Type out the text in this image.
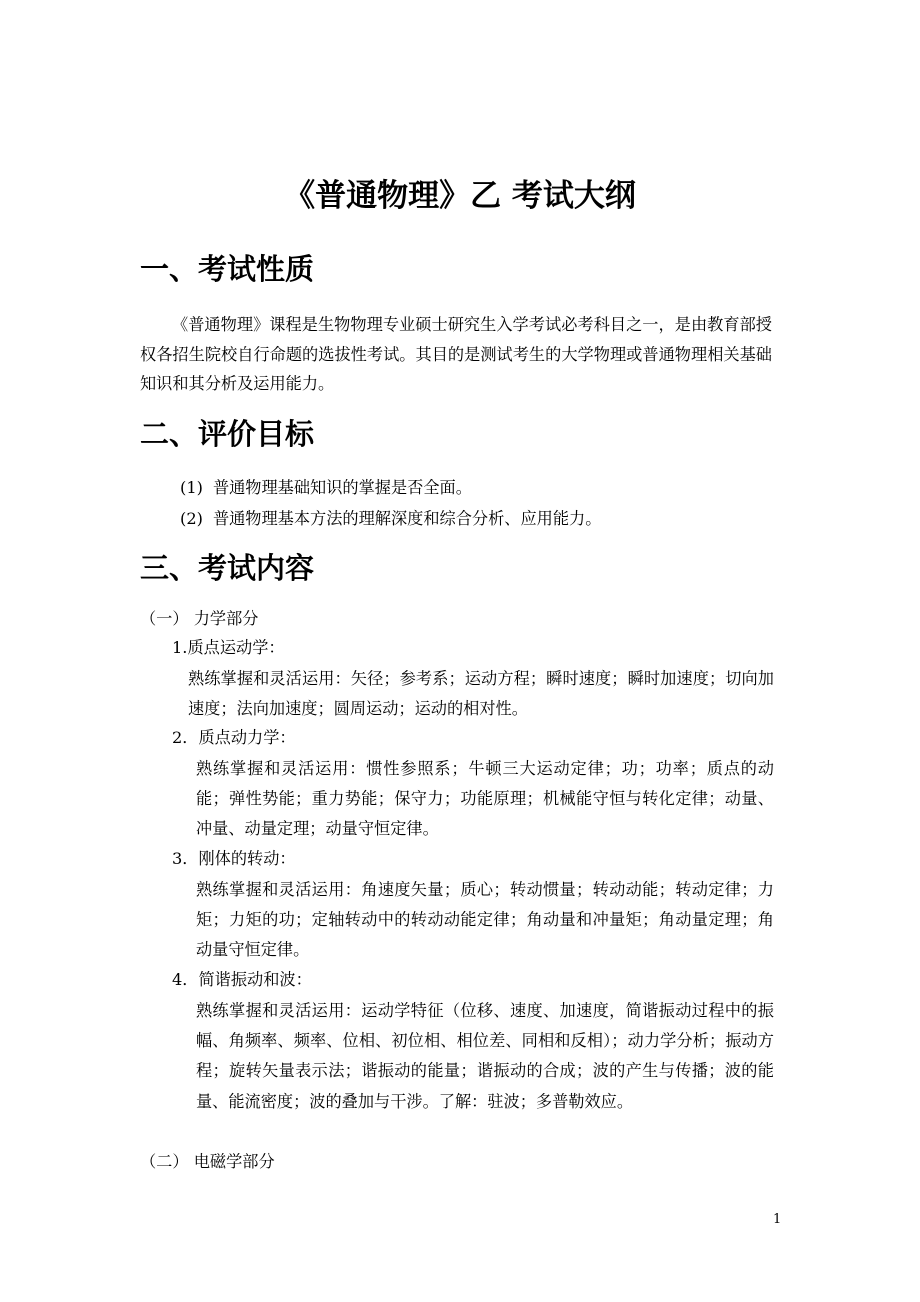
《普通物理》乙 考试大纲
一、考试性质

《普通物理》课程是生物物理专业硕士研究生入学考试必考科目之一，是由教育部授权各招生院校自行命题的选拔性考试。其目的是测试考生的大学物理或普通物理相关基础知识和其分析及运用能力。

二、评价目标

(1) 普通物理基础知识的掌握是否全面。

(2) 普通物理基本方法的理解深度和综合分析、应用能力。

三、考试内容

（一） 力学部分

1.质点运动学：

熟练掌握和灵活运用：矢径；参考系；运动方程；瞬时速度；瞬时加速度；切向加速度；法向加速度；圆周运动；运动的相对性。

2．质点动力学：

熟练掌握和灵活运用：惯性参照系；牛顿三大运动定律；功；功率；质点的动能；弹性势能；重力势能；保守力；功能原理；机械能守恒与转化定律；动量、冲量、动量定理；动量守恒定律。

3．刚体的转动：

熟练掌握和灵活运用：角速度矢量；质心；转动惯量；转动动能；转动定律；力矩；力矩的功；定轴转动中的转动动能定律；角动量和冲量矩；角动量定理；角动量守恒定律。

4．简谐振动和波：

熟练掌握和灵活运用：运动学特征（位移、速度、加速度，简谐振动过程中的振幅、角频率、频率、位相、初位相、相位差、同相和反相）；动力学分析；振动方程；旋转矢量表示法；谐振动的能量；谐振动的合成；波的产生与传播；波的能量、能流密度；波的叠加与干涉。了解：驻波；多普勒效应。

（二） 电磁学部分

1
